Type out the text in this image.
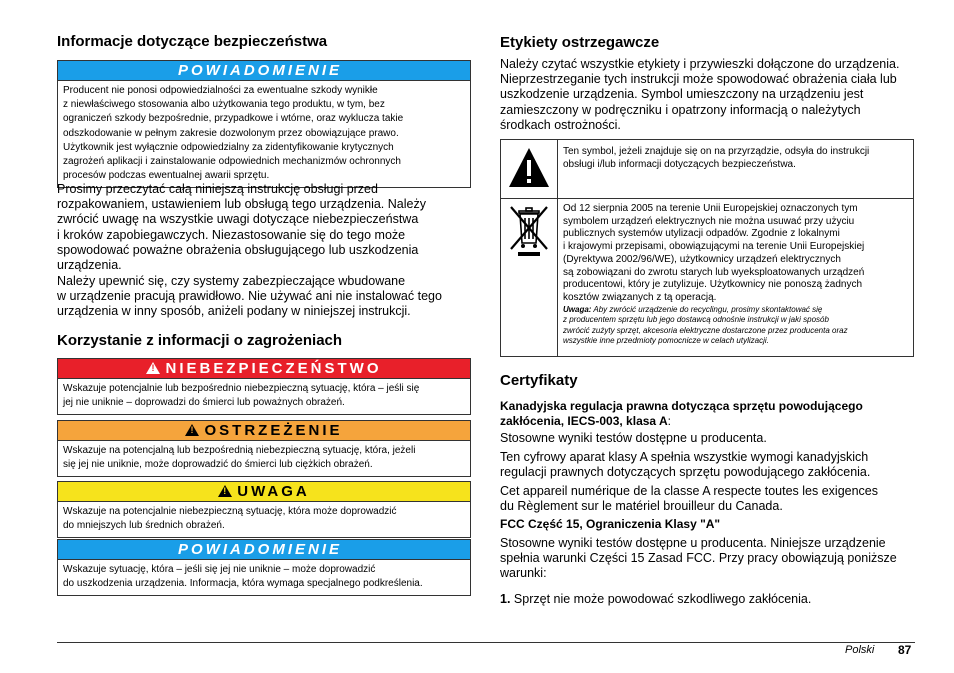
Informacje dotyczące bezpieczeństwa
POWIADOMIENIE
Producent nie ponosi odpowiedzialności za ewentualne szkody wynikłe
z niewłaściwego stosowania albo użytkowania tego produktu, w tym, bez
ograniczeń szkody bezpośrednie, przypadkowe i wtórne, oraz wyklucza takie
odszkodowanie w pełnym zakresie dozwolonym przez obowiązujące prawo.
Użytkownik jest wyłącznie odpowiedzialny za zidentyfikowanie krytycznych
zagrożeń aplikacji i zainstalowanie odpowiednich mechanizmów ochronnych
procesów podczas ewentualnej awarii sprzętu.
Prosimy przeczytać całą niniejszą instrukcję obsługi przed
rozpakowaniem, ustawieniem lub obsługą tego urządzenia. Należy
zwrócić uwagę na wszystkie uwagi dotyczące niebezpieczeństwa
i kroków zapobiegawczych. Niezastosowanie się do tego może
spowodować poważne obrażenia obsługującego lub uszkodzenia
urządzenia.
Należy upewnić się, czy systemy zabezpieczające wbudowane
w urządzenie pracują prawidłowo. Nie używać ani nie instalować tego
urządzenia w inny sposób, aniżeli podany w niniejszej instrukcji.
Korzystanie z informacji o zagrożeniach
!NIEBEZPIECZEŃSTWO
Wskazuje potencjalnie lub bezpośrednio niebezpieczną sytuację, która – jeśli się
jej nie uniknie – doprowadzi do śmierci lub poważnych obrażeń.
!OSTRZEŻENIE
Wskazuje na potencjalną lub bezpośrednią niebezpieczną sytuację, która, jeżeli
się jej nie uniknie, może doprowadzić do śmierci lub ciężkich obrażeń.
!UWAGA
Wskazuje na potencjalnie niebezpieczną sytuację, która może doprowadzić
do mniejszych lub średnich obrażeń.
POWIADOMIENIE
Wskazuje sytuację, która – jeśli się jej nie uniknie – może doprowadzić
do uszkodzenia urządzenia. Informacja, która wymaga specjalnego podkreślenia.
Etykiety ostrzegawcze
Należy czytać wszystkie etykiety i przywieszki dołączone do urządzenia.
Nieprzestrzeganie tych instrukcji może spowodować obrażenia ciała lub
uszkodzenie urządzenia. Symbol umieszczony na urządzeniu jest
zamieszczony w podręczniku i opatrzony informacją o należytych
środkach ostrożności.
Ten symbol, jeżeli znajduje się on na przyrządzie, odsyła do instrukcji
obsługi i/lub informacji dotyczących bezpieczeństwa.
Od 12 sierpnia 2005 na terenie Unii Europejskiej oznaczonych tym
symbolem urządzeń elektrycznych nie można usuwać przy użyciu
publicznych systemów utylizacji odpadów. Zgodnie z lokalnymi
i krajowymi przepisami, obowiązującymi na terenie Unii Europejskiej
(Dyrektywa 2002/96/WE), użytkownicy urządzeń elektrycznych
są zobowiązani do zwrotu starych lub wyeksploatowanych urządzeń
producentowi, który je zutylizuje. Użytkownicy nie ponoszą żadnych
kosztów związanych z tą operacją.
Uwaga: Aby zwrócić urządzenie do recyclingu, prosimy skontaktować się
z producentem sprzętu lub jego dostawcą odnośnie instrukcji w jaki sposób
zwrócić zużyty sprzęt, akcesoria elektryczne dostarczone przez producenta oraz
wszystkie inne przedmioty pomocnicze w celach utylizacji.
Certyfikaty
Kanadyjska regulacja prawna dotycząca sprzętu powodującego
zakłócenia, IECS-003, klasa A:
Stosowne wyniki testów dostępne u producenta.
Ten cyfrowy aparat klasy A spełnia wszystkie wymogi kanadyjskich
regulacji prawnych dotyczących sprzętu powodującego zakłócenia.
Cet appareil numérique de la classe A respecte toutes les exigences
du Règlement sur le matériel brouilleur du Canada.
FCC Część 15, Ograniczenia Klasy "A"
Stosowne wyniki testów dostępne u producenta. Niniejsze urządzenie
spełnia warunki Części 15 Zasad FCC. Przy pracy obowiązują poniższe
warunki:
1. Sprzęt nie może powodować szkodliwego zakłócenia.
Polski 87
